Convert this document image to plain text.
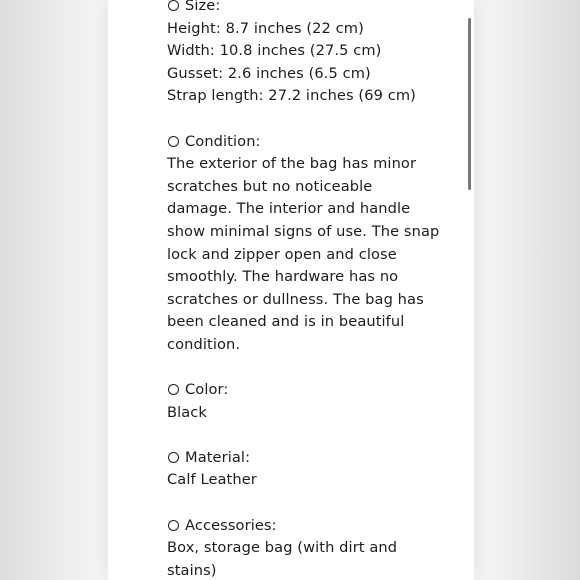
Size:
Height: 8.7 inches (22 cm)
Width: 10.8 inches (27.5 cm)
Gusset: 2.6 inches (6.5 cm)
Strap length: 27.2 inches (69 cm)
Condition:
The exterior of the bag has minor
scratches but no noticeable
damage. The interior and handle
show minimal signs of use. The snap
lock and zipper open and close
smoothly. The hardware has no
scratches or dullness. The bag has
been cleaned and is in beautiful
condition.
Color:
Black
Material:
Calf Leather
Accessories:
Box, storage bag (with dirt and
stains)
